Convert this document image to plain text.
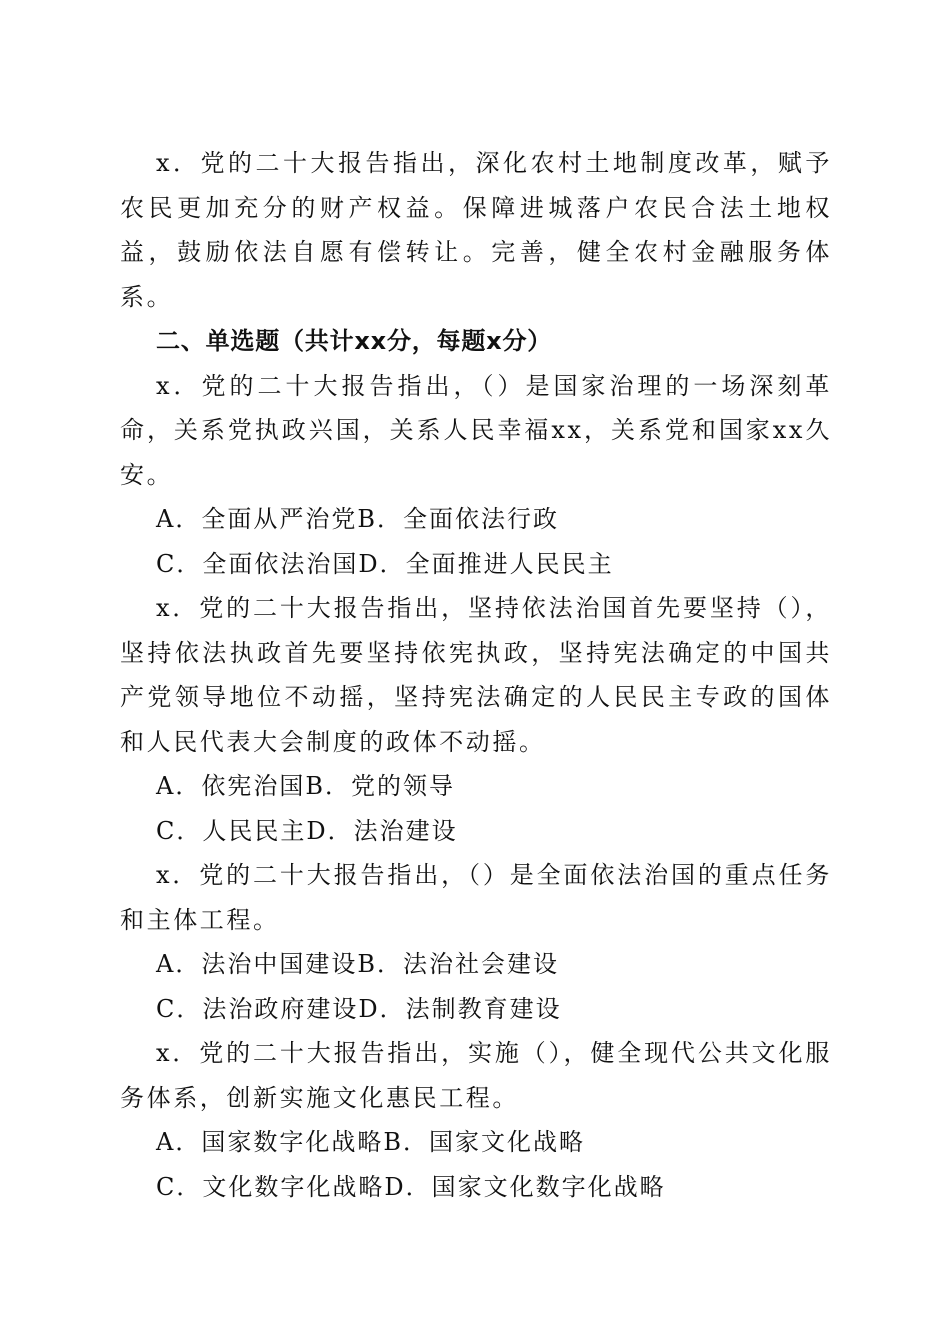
x．党的二十大报告指出，深化农村土地制度改革，赋予农民更加充分的财产权益。保障进城落户农民合法土地权益，鼓励依法自愿有偿转让。完善，健全农村金融服务体系。

二、单选题（共计xx分，每题x分）

x．党的二十大报告指出，（）是国家治理的一场深刻革命，关系党执政兴国，关系人民幸福xx，关系党和国家xx久安。

A．全面从严治党B．全面依法行政

C．全面依法治国D．全面推进人民民主

x．党的二十大报告指出，坚持依法治国首先要坚持（），坚持依法执政首先要坚持依宪执政，坚持宪法确定的中国共产党领导地位不动摇，坚持宪法确定的人民民主专政的国体和人民代表大会制度的政体不动摇。

A．依宪治国B．党的领导

C．人民民主D．法治建设

x．党的二十大报告指出，（）是全面依法治国的重点任务和主体工程。

A．法治中国建设B．法治社会建设

C．法治政府建设D．法制教育建设

x．党的二十大报告指出，实施（），健全现代公共文化服务体系，创新实施文化惠民工程。

A．国家数字化战略B．国家文化战略

C．文化数字化战略D．国家文化数字化战略
